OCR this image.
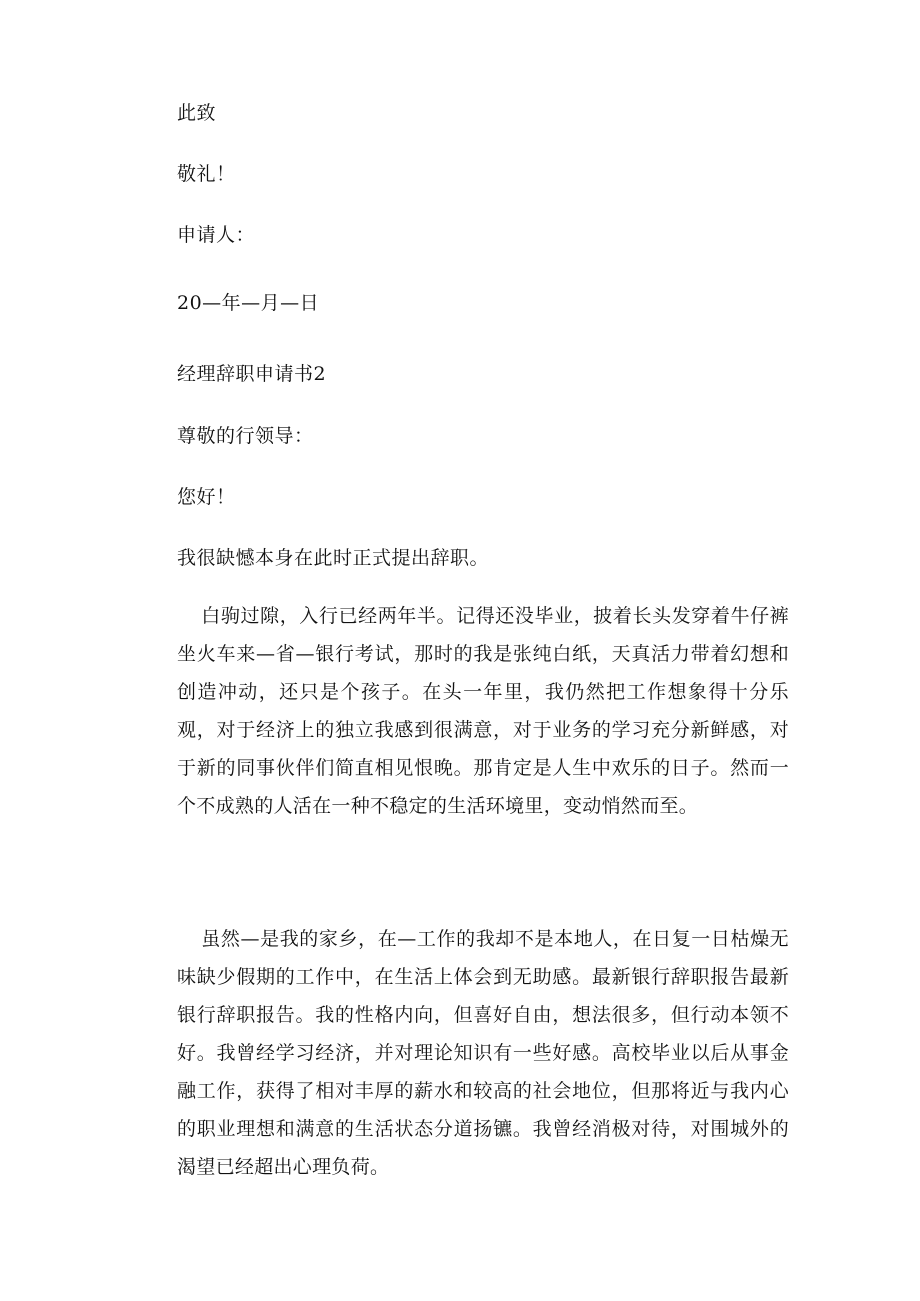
此致
敬礼！
申请人：
20—年—月—日
经理辞职申请书2
尊敬的行领导：
您好！
我很缺憾本身在此时正式提出辞职。
白驹过隙，入行已经两年半。记得还没毕业，披着长头发穿着牛仔裤坐火车来—省—银行考试，那时的我是张纯白纸，天真活力带着幻想和创造冲动，还只是个孩子。在头一年里，我仍然把工作想象得十分乐观，对于经济上的独立我感到很满意，对于业务的学习充分新鲜感，对于新的同事伙伴们简直相见恨晚。那肯定是人生中欢乐的日子。然而一个不成熟的人活在一种不稳定的生活环境里，变动悄然而至。
虽然—是我的家乡，在—工作的我却不是本地人，在日复一日枯燥无味缺少假期的工作中，在生活上体会到无助感。最新银行辞职报告最新银行辞职报告。我的性格内向，但喜好自由，想法很多，但行动本领不好。我曾经学习经济，并对理论知识有一些好感。高校毕业以后从事金融工作，获得了相对丰厚的薪水和较高的社会地位，但那将近与我内心的职业理想和满意的生活状态分道扬镳。我曾经消极对待，对围城外的渴望已经超出心理负荷。
